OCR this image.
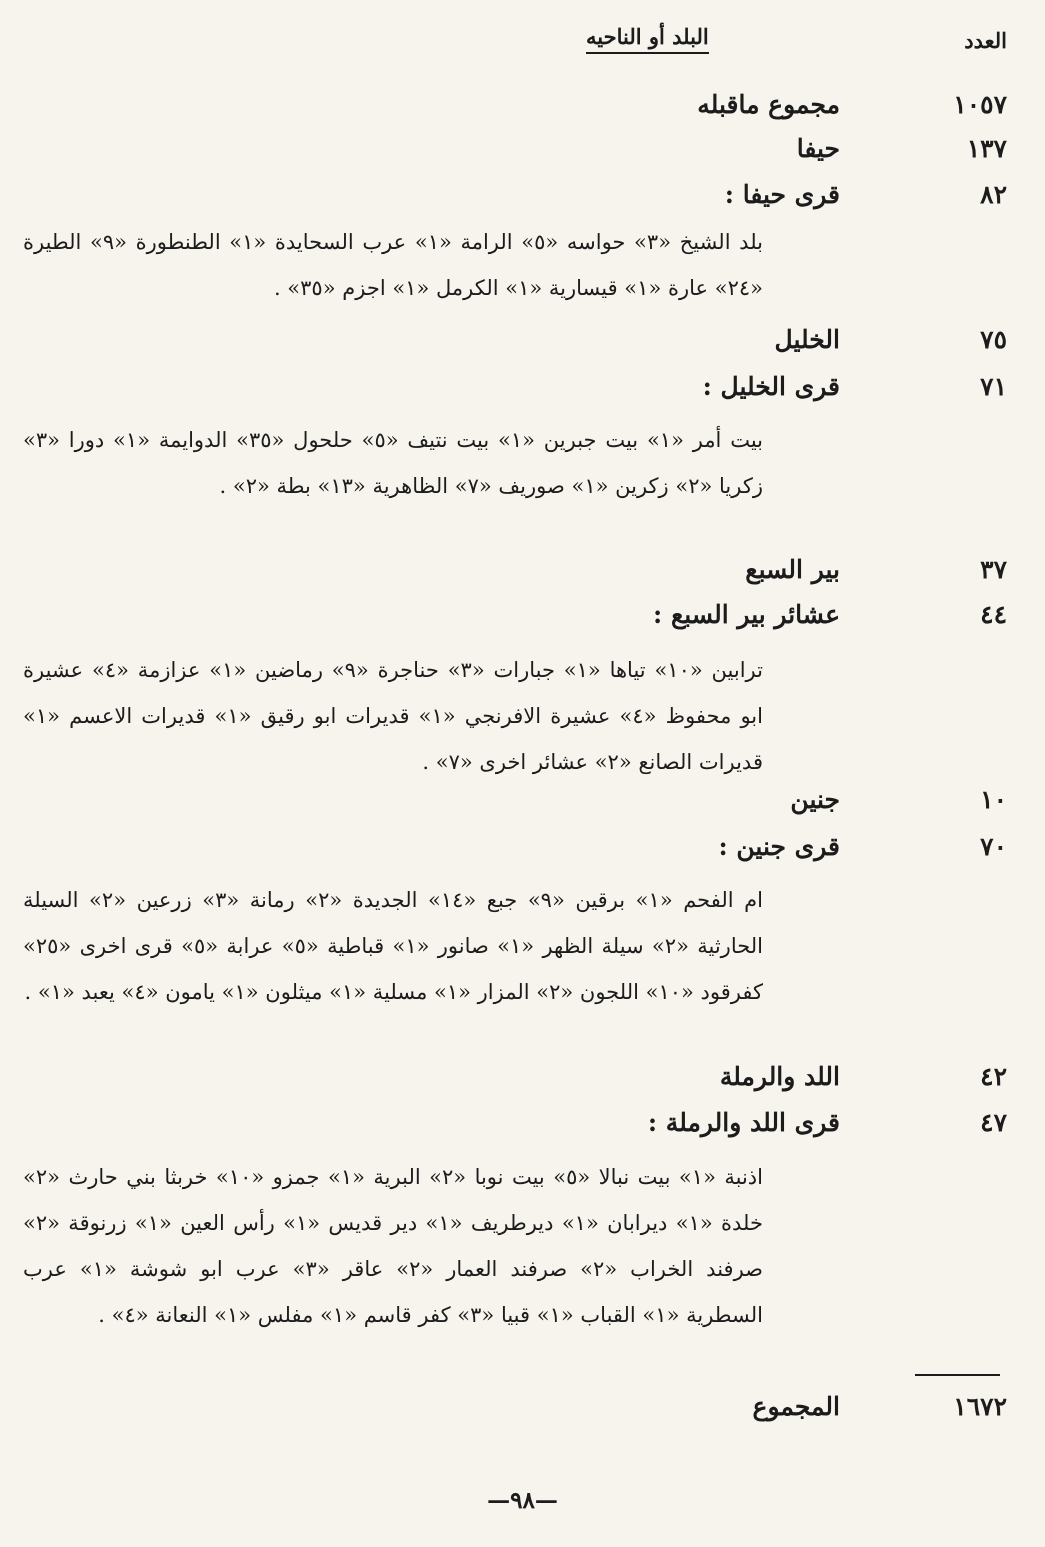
العدد
البلد أو الناحيه
١٠٥٧
مجموع ماقبله
١٣٧
حيفا
٨٢
قرى حيفا :

بلد الشيخ «٣» حواسه «٥» الرامة «١» عرب السحايدة «١» الطنطورة «٩» الطيرة «٢٤» عارة «١» قيسارية «١» الكرمل «١» اجزم «٣٥» .

٧٥
الخليل
٧١
قرى الخليل :

بيت أمر «١» بيت جبرين «١» بيت نتيف «٥» حلحول «٣٥» الدوايمة «١» دورا «٣» زكريا «٢» زكرين «١» صوريف «٧» الظاهرية «١٣» بطة «٢» .

٣٧
بير السبع
٤٤
عشائر بير السبع :

ترابين «١٠» تياها «١» جبارات «٣» حناجرة «٩» رماضين «١» عزازمة «٤» عشيرة ابو محفوظ «٤» عشيرة الافرنجي «١» قديرات ابو رقيق «١» قديرات الاعسم «١» قديرات الصانع «٢» عشائر اخرى «٧» .

١٠
جنين
٧٠
قرى جنين :

ام الفحم «١» برقين «٩» جبع «١٤» الجديدة «٢» رمانة «٣» زرعين «٢» السيلة الحارثية «٢» سيلة الظهر «١» صانور «١» قباطية «٥» عرابة «٥» قرى اخرى «٢٥» كفرقود «١٠» اللجون «٢» المزار «١» مسلية «١» ميثلون «١» يامون «٤» يعبد «١» .

٤٢
اللد والرملة
٤٧
قرى اللد والرملة :

اذنبة «١» بيت نبالا «٥» بيت نوبا «٢» البرية «١» جمزو «١٠» خربثا بني حارث «٢» خلدة «١» ديرابان «١» ديرطريف «١» دير قديس «١» رأس العين «١» زرنوقة «٢» صرفند الخراب «٢» صرفند العمار «٢» عاقر «٣» عرب ابو شوشة «١» عرب السطرية «١» القباب «١» قبيا «٣» كفر قاسم «١» مفلس «١» النعانة «٤» .

١٦٧٢
المجموع
—٩٨—
